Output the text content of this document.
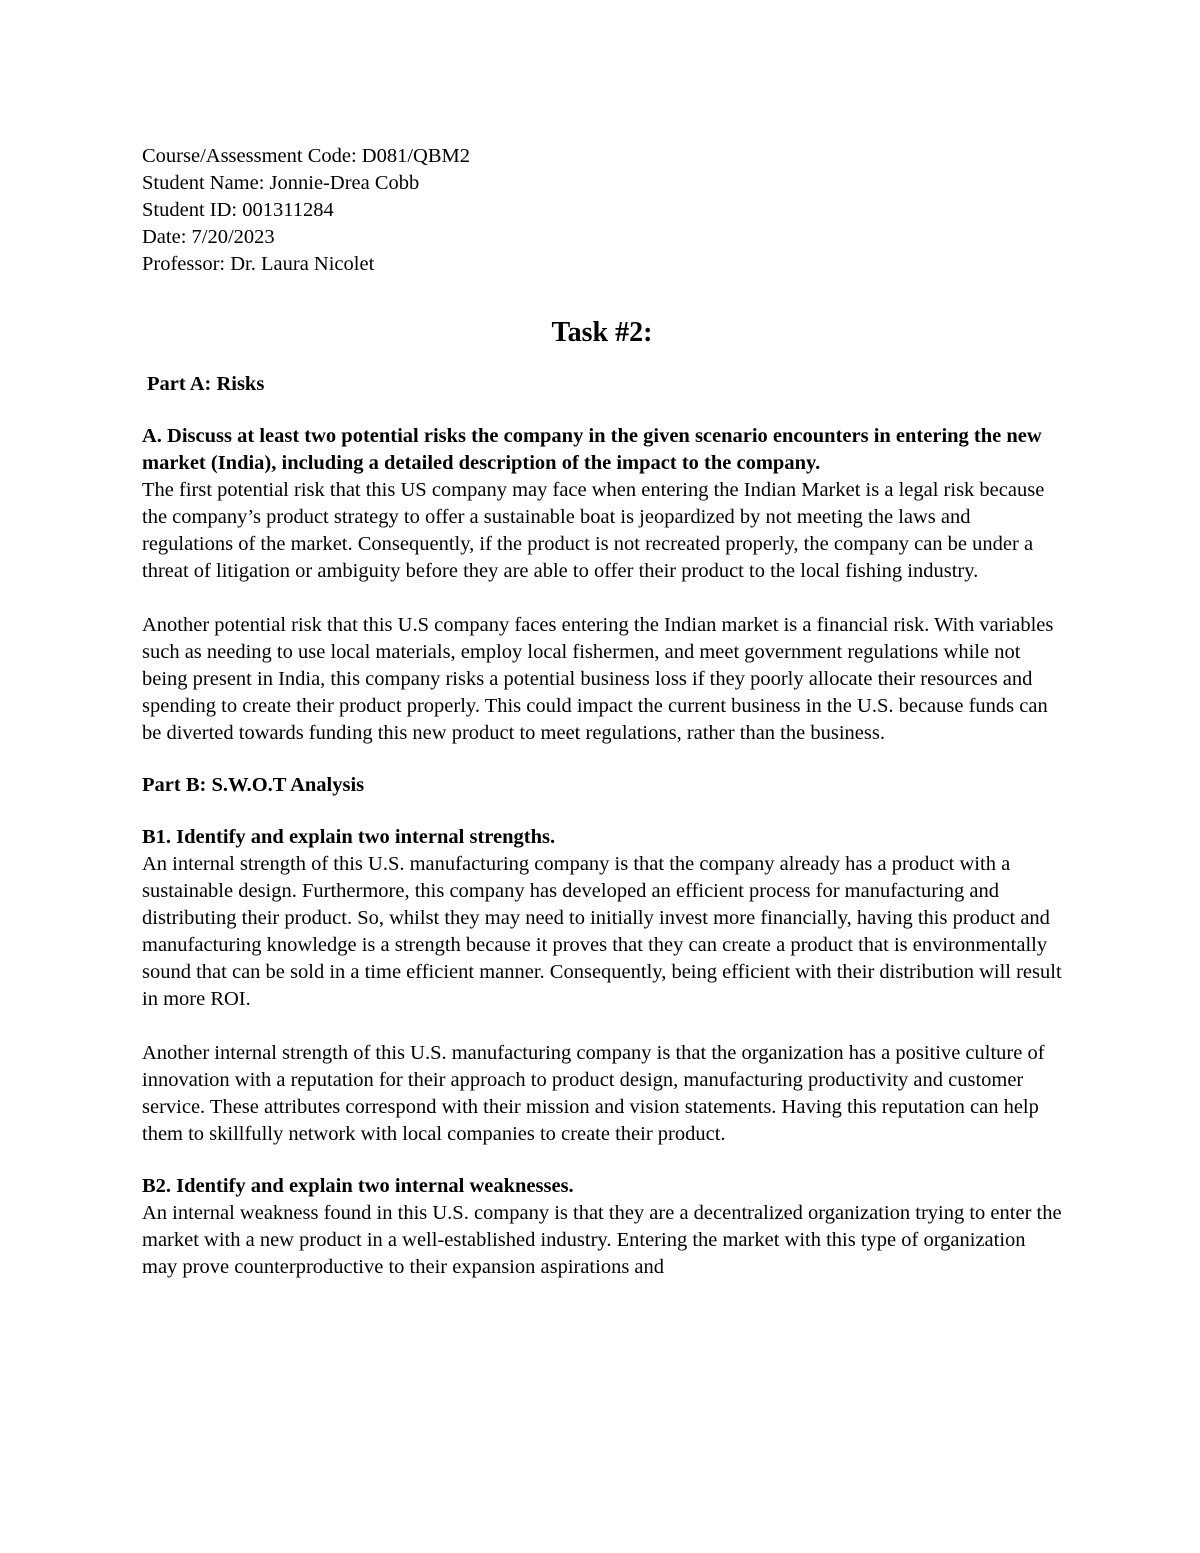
Course/Assessment Code: D081/QBM2
Student Name: Jonnie-Drea Cobb
Student ID: 001311284
Date: 7/20/2023
Professor: Dr. Laura Nicolet
Task #2:
Part A: Risks
A. Discuss at least two potential risks the company in the given scenario encounters in entering the new market (India), including a detailed description of the impact to the company.

The first potential risk that this US company may face when entering the Indian Market is a legal risk because the company’s product strategy to offer a sustainable boat is jeopardized by not meeting the laws and regulations of the market. Consequently, if the product is not recreated properly, the company can be under a threat of litigation or ambiguity before they are able to offer their product to the local fishing industry.

Another potential risk that this U.S company faces entering the Indian market is a financial risk. With variables such as needing to use local materials, employ local fishermen, and meet government regulations while not being present in India, this company risks a potential business loss if they poorly allocate their resources and spending to create their product properly. This could impact the current business in the U.S. because funds can be diverted towards funding this new product to meet regulations, rather than the business.

Part B: S.W.O.T Analysis
B1. Identify and explain two internal strengths.

An internal strength of this U.S. manufacturing company is that the company already has a product with a sustainable design. Furthermore, this company has developed an efficient process for manufacturing and distributing their product. So, whilst they may need to initially invest more financially, having this product and manufacturing knowledge is a strength because it proves that they can create a product that is environmentally sound that can be sold in a time efficient manner. Consequently, being efficient with their distribution will result in more ROI.

Another internal strength of this U.S. manufacturing company is that the organization has a positive culture of innovation with a reputation for their approach to product design, manufacturing productivity and customer service. These attributes correspond with their mission and vision statements. Having this reputation can help them to skillfully network with local companies to create their product.

B2. Identify and explain two internal weaknesses.

An internal weakness found in this U.S. company is that they are a decentralized organization trying to enter the market with a new product in a well-established industry. Entering the market with this type of organization may prove counterproductive to their expansion aspirations and
